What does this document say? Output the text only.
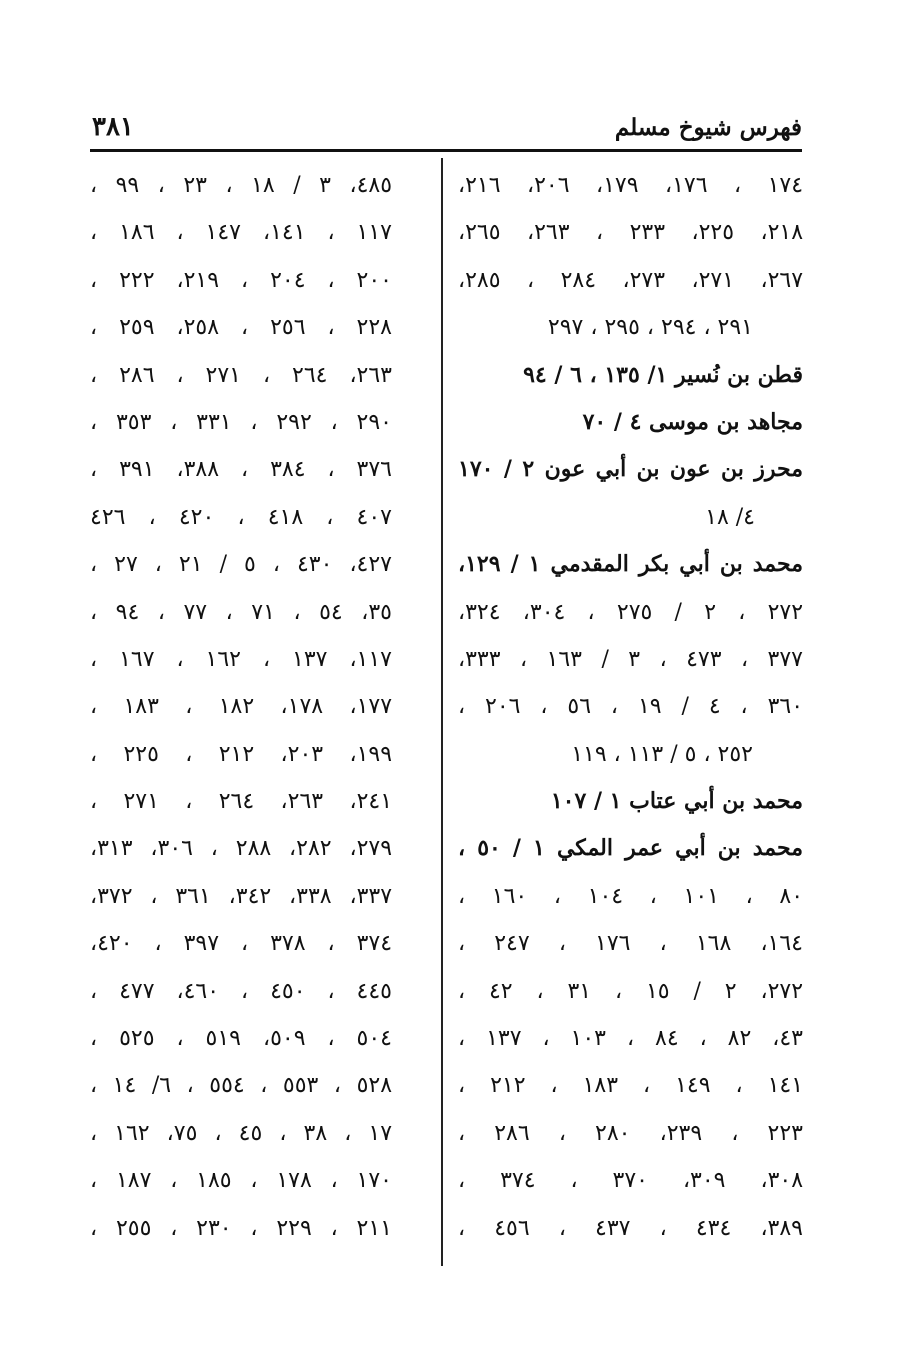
٣٨١	فهرس شيوخ مسلم
١٧٤ ، ١٧٦، ١٧٩، ٢٠٦، ٢١٦،
٢١٨، ٢٢٥، ٢٣٣ ، ٢٦٣، ٢٦٥،
٢٦٧، ٢٧١، ٢٧٣، ٢٨٤ ، ٢٨٥،
٢٩١ ، ٢٩٤ ، ٢٩٥ ، ٢٩٧
قطن بن نُسير ١/ ١٣٥ ، ٦ / ٩٤
مجاهد بن موسى ٤ / ٧٠
محرز بن عون بن أبي عون ٢ / ١٧٠
٤/ ١٨
محمد بن أبي بكر المقدمي ١ / ١٢٩،
٢٧٢ ، ٢ / ٢٧٥ ، ٣٠٤، ٣٢٤،
٣٧٧ ، ٤٧٣ ، ٣ / ١٦٣ ، ٣٣٣،
٣٦٠ ، ٤ / ١٩ ، ٥٦ ، ٢٠٦ ،
٢٥٢ ، ٥ / ١١٣ ، ١١٩
محمد بن أبي عتاب ١ / ١٠٧
محمد بن أبي عمر المكي ١ / ٥٠ ،
٨٠ ، ١٠١ ، ١٠٤ ، ١٦٠ ،
١٦٤، ١٦٨ ، ١٧٦ ، ٢٤٧ ،
٢٧٢، ٢ / ١٥ ، ٣١ ، ٤٢ ،
٤٣، ٨٢ ، ٨٤ ، ١٠٣ ، ١٣٧ ،
١٤١ ، ١٤٩ ، ١٨٣ ، ٢١٢ ،
٢٢٣ ، ٢٣٩، ٢٨٠ ، ٢٨٦ ،
٣٠٨، ٣٠٩، ٣٧٠ ، ٣٧٤ ،
٣٨٩، ٤٣٤ ، ٤٣٧ ، ٤٥٦ ،
٤٨٥، ٣ / ١٨ ، ٢٣ ، ٩٩ ،
١١٧ ، ١٤١، ١٤٧ ، ١٨٦ ،
٢٠٠ ، ٢٠٤ ، ٢١٩، ٢٢٢ ،
٢٢٨ ، ٢٥٦ ، ٢٥٨، ٢٥٩ ،
٢٦٣، ٢٦٤ ، ٢٧١ ، ٢٨٦ ،
٢٩٠ ، ٢٩٢ ، ٣٣١ ، ٣٥٣ ،
٣٧٦ ، ٣٨٤ ، ٣٨٨، ٣٩١ ،
٤٠٧ ، ٤١٨ ، ٤٢٠ ، ٤٢٦
٤٢٧، ٤٣٠ ، ٥ / ٢١ ، ٢٧ ،
٣٥، ٥٤ ، ٧١ ، ٧٧ ، ٩٤ ،
١١٧، ١٣٧ ، ١٦٢ ، ١٦٧ ،
١٧٧، ١٧٨، ١٨٢ ، ١٨٣ ،
١٩٩، ٢٠٣، ٢١٢ ، ٢٢٥ ،
٢٤١، ٢٦٣، ٢٦٤ ، ٢٧١ ،
٢٧٩، ٢٨٢، ٢٨٨ ، ٣٠٦، ٣١٣،
٣٣٧، ٣٣٨، ٣٤٢، ٣٦١ ، ٣٧٢،
٣٧٤ ، ٣٧٨ ، ٣٩٧ ، ٤٢٠،
٤٤٥ ، ٤٥٠ ، ٤٦٠، ٤٧٧ ،
٥٠٤ ، ٥٠٩، ٥١٩ ، ٥٢٥ ،
٥٢٨ ، ٥٥٣ ، ٥٥٤ ، ٦/ ١٤ ،
١٧ ، ٣٨ ، ٤٥ ، ٧٥، ١٦٢ ،
١٧٠ ، ١٧٨ ، ١٨٥ ، ١٨٧ ،
٢١١ ، ٢٢٩ ، ٢٣٠ ، ٢٥٥ ،
